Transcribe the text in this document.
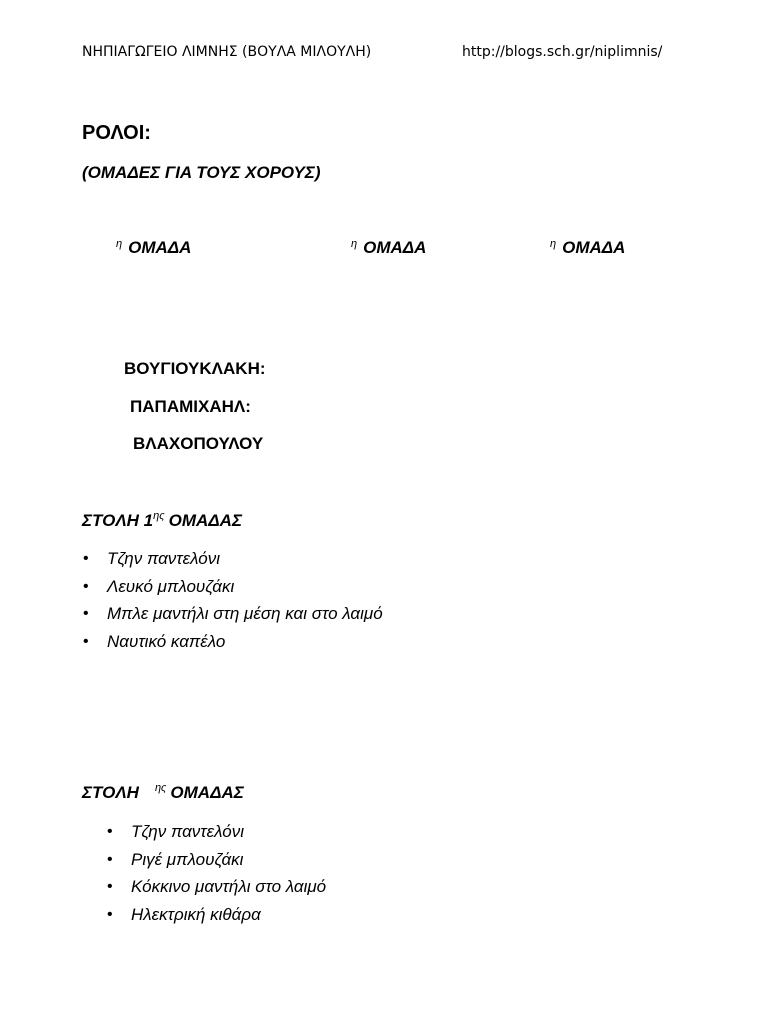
ΝΗΠΙΑΓΩΓΕΙΟ ΛΙΜΝΗΣ (ΒΟΥΛΑ ΜΙΛΟΥΛΗ)	http://blogs.sch.gr/niplimnis/
ΡΟΛΟΙ:
(ΟΜΑΔΕΣ ΓΙΑ ΤΟΥΣ ΧΟΡΟΥΣ)
$^\eta$ ΟΜΑΔΑ	$^\eta$ ΟΜΑΔΑ	$^\eta$ ΟΜΑΔΑ
ΒΟΥΓΙΟΥΚΛΑΚΗ:
ΠΑΠΑΜΙΧΑΗΛ:
ΒΛΑΧΟΠΟΥΛΟΥ
ΣΤΟΛΗ $1^{\eta\varsigma}$ ΟΜΑΔΑΣ
• Τζην παντελόνι
• Λευκό μπλουζάκι
• Μπλε μαντήλι στη μέση και στο λαιμό
• Ναυτικό καπέλο
ΣΤΟΛΗ $^{\eta\varsigma}$ ΟΜΑΔΑΣ
• Τζην παντελόνι
• Ριγέ μπλουζάκι
• Κόκκινο μαντήλι στο λαιμό
• Ηλεκτρική κιθάρα
